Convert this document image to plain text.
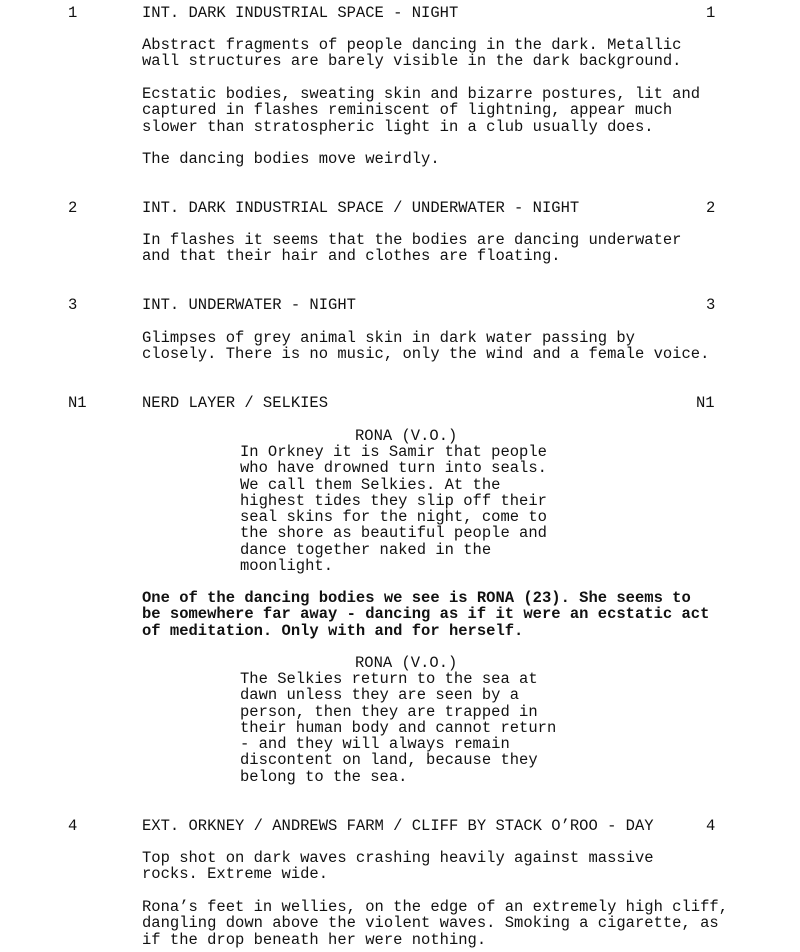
1	INT. DARK INDUSTRIAL SPACE - NIGHT	1
Abstract fragments of people dancing in the dark. Metallic
wall structures are barely visible in the dark background.
Ecstatic bodies, sweating skin and bizarre postures, lit and
captured in flashes reminiscent of lightning, appear much
slower than stratospheric light in a club usually does.
The dancing bodies move weirdly.
2	INT. DARK INDUSTRIAL SPACE / UNDERWATER - NIGHT	2
In flashes it seems that the bodies are dancing underwater
and that their hair and clothes are floating.
3	INT. UNDERWATER - NIGHT	3
Glimpses of grey animal skin in dark water passing by
closely. There is no music, only the wind and a female voice.
N1	NERD LAYER / SELKIES	N1
RONA (V.O.)
In Orkney it is Samir that people
who have drowned turn into seals.
We call them Selkies. At the
highest tides they slip off their
seal skins for the night, come to
the shore as beautiful people and
dance together naked in the
moonlight.
One of the dancing bodies we see is RONA (23). She seems to
be somewhere far away - dancing as if it were an ecstatic act
of meditation. Only with and for herself.
RONA (V.O.)
The Selkies return to the sea at
dawn unless they are seen by a
person, then they are trapped in
their human body and cannot return
- and they will always remain
discontent on land, because they
belong to the sea.
4	EXT. ORKNEY / ANDREWS FARM / CLIFF BY STACK O’ROO - DAY	4
Top shot on dark waves crashing heavily against massive
rocks. Extreme wide.
Rona’s feet in wellies, on the edge of an extremely high cliff,
dangling down above the violent waves. Smoking a cigarette, as
if the drop beneath her were nothing.
